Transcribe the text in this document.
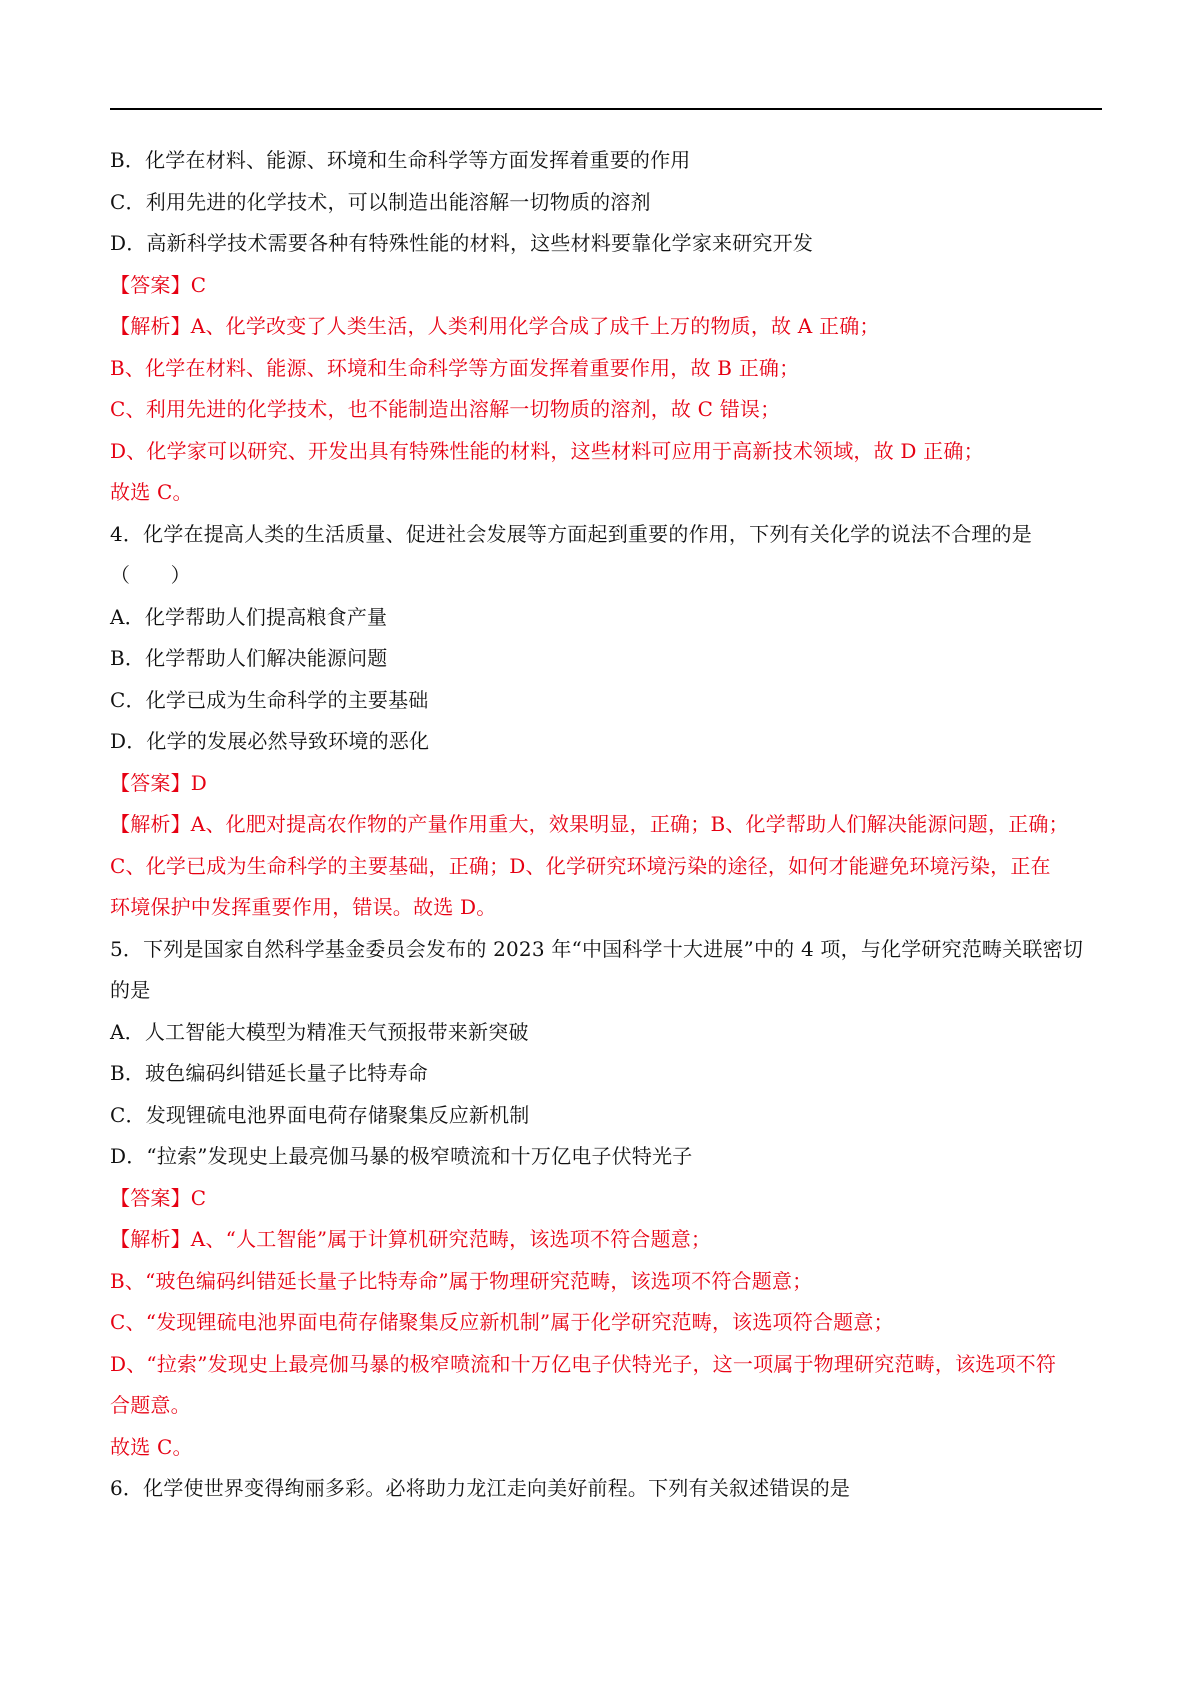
B．化学在材料、能源、环境和生命科学等方面发挥着重要的作用
C．利用先进的化学技术，可以制造出能溶解一切物质的溶剂
D．高新科学技术需要各种有特殊性能的材料，这些材料要靠化学家来研究开发
【答案】C
【解析】A、化学改变了人类生活，人类利用化学合成了成千上万的物质，故 A 正确；
B、化学在材料、能源、环境和生命科学等方面发挥着重要作用，故 B 正确；
C、利用先进的化学技术，也不能制造出溶解一切物质的溶剂，故 C 错误；
D、化学家可以研究、开发出具有特殊性能的材料，这些材料可应用于高新技术领域，故 D 正确；
故选 C。
4．化学在提高人类的生活质量、促进社会发展等方面起到重要的作用，下列有关化学的说法不合理的是
（　　）
A．化学帮助人们提高粮食产量
B．化学帮助人们解决能源问题
C．化学已成为生命科学的主要基础
D．化学的发展必然导致环境的恶化
【答案】D
【解析】A、化肥对提高农作物的产量作用重大，效果明显，正确；B、化学帮助人们解决能源问题，正确；
C、化学已成为生命科学的主要基础，正确；D、化学研究环境污染的途径，如何才能避免环境污染，正在
环境保护中发挥重要作用，错误。故选 D。
5．下列是国家自然科学基金委员会发布的 2023 年“中国科学十大进展”中的 4 项，与化学研究范畴关联密切
的是
A．人工智能大模型为精准天气预报带来新突破
B．玻色编码纠错延长量子比特寿命
C．发现锂硫电池界面电荷存储聚集反应新机制
D．“拉索”发现史上最亮伽马暴的极窄喷流和十万亿电子伏特光子
【答案】C
【解析】A、“人工智能”属于计算机研究范畴，该选项不符合题意；
B、“玻色编码纠错延长量子比特寿命”属于物理研究范畴，该选项不符合题意；
C、“发现锂硫电池界面电荷存储聚集反应新机制”属于化学研究范畴，该选项符合题意；
D、“拉索”发现史上最亮伽马暴的极窄喷流和十万亿电子伏特光子，这一项属于物理研究范畴，该选项不符
合题意。
故选 C。
6．化学使世界变得绚丽多彩。必将助力龙江走向美好前程。下列有关叙述错误的是
